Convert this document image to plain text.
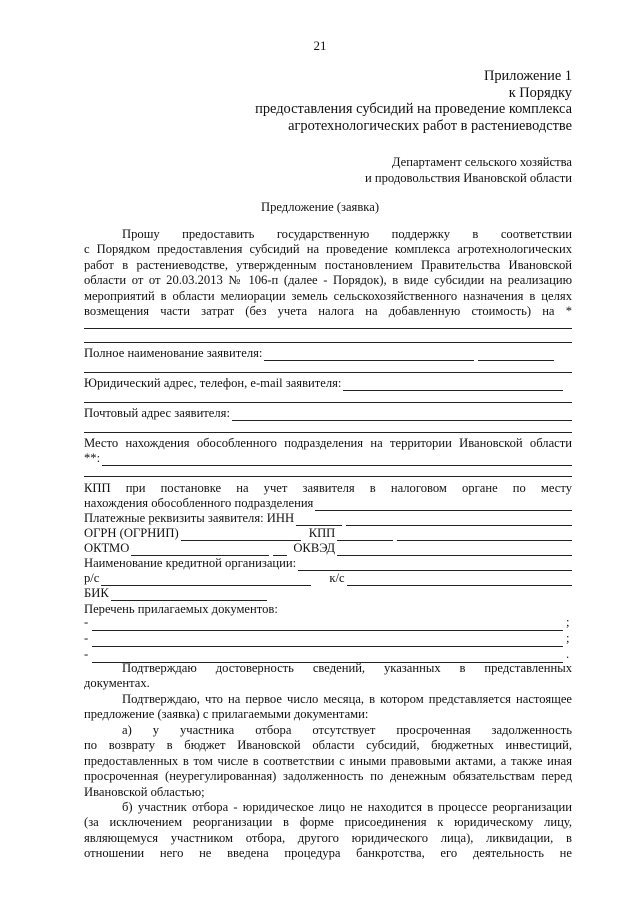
21
Приложение 1
к Порядку
предоставления субсидий на проведение комплекса
агротехнологических работ в растениеводстве
Департамент сельского хозяйства
и продовольствия Ивановской области
Предложение (заявка)
Прошу предоставить государственную поддержку в соответствии
с Порядком предоставления субсидий на проведение комплекса агротехнологических
работ в растениеводстве, утвержденным постановлением Правительства Ивановской
области от от 20.03.2013 № 106-п (далее - Порядок), в виде субсидии на реализацию
мероприятий в области мелиорации земель сельскохозяйственного назначения в целях
возмещения части затрат (без учета налога на добавленную стоимость) на *
Полное наименование заявителя:
Юридический адрес, телефон, e-mail заявителя:
Почтовый адрес заявителя:
Место нахождения обособленного подразделения на территории Ивановской области
**:
КПП при постановке на учет заявителя в налоговом органе по месту
нахождения обособленного подразделения
Платежные реквизиты заявителя: ИНН
ОГРН (ОГРНИП)	КПП
ОКТМО	ОКВЭД
Наименование кредитной организации:
р/с	к/с
БИК
Перечень прилагаемых документов:
-	;
-	;
-	.
Подтверждаю достоверность сведений, указанных в представленных
документах.
Подтверждаю, что на первое число месяца, в котором представляется настоящее
предложение (заявка) с прилагаемыми документами:
а) у участника отбора отсутствует просроченная задолженность
по возврату в бюджет Ивановской области субсидий, бюджетных инвестиций,
предоставленных в том числе в соответствии с иными правовыми актами, а также иная
просроченная (неурегулированная) задолженность по денежным обязательствам перед
Ивановской областью;
б) участник отбора - юридическое лицо не находится в процессе реорганизации
(за исключением реорганизации в форме присоединения к юридическому лицу,
являющемуся участником отбора, другого юридического лица), ликвидации, в
отношении него не введена процедура банкротства, его деятельность не
